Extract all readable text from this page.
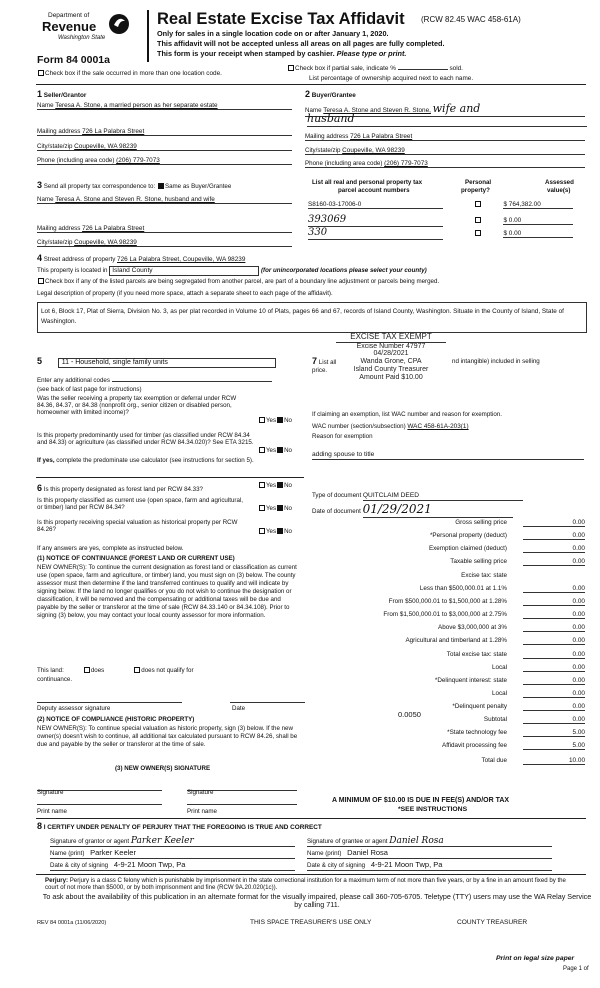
Department of
Revenue
Washington State
Form 84 0001a
Real Estate Excise Tax Affidavit (RCW 82.45 WAC 458-61A)
Only for sales in a single location code on or after January 1, 2020.
This affidavit will not be accepted unless all areas on all pages are fully completed.
This form is your receipt when stamped by cashier. Please type or print.
Check box if the sale occurred in more than one location code.
Check box if partial sale, indicate %	sold.
List percentage of ownership acquired next to each name.
1 Seller/Grantor
Name Teresa A. Stone, a married person as her separate estate
Mailing address 726 La Palabra Street
City/state/zip Coupeville, WA 98239
Phone (including area code) (206) 779-7073
2 Buyer/Grantee
Name Teresa A. Stone and Steven R. Stone, wife and
husband
Mailing address 726 La Palabra Street
City/state/zip Coupeville, WA 98239
Phone (including area code) (206) 779-7073
3 Send all property tax correspondence to: Same as Buyer/Grantee
Name Teresa A. Stone and Steven R. Stone, husband and wife
Mailing address 726 La Palabra Street
City/state/zip Coupeville, WA 98239
List all real and personal property tax
parcel account numbers
Personal
property?
Assessed
value(s)
S8160-03-17006-0	$ 764,382.00
393069	$ 0.00
330	$ 0.00
4 Street address of property 726 La Palabra Street, Coupeville, WA 98239
This property is located in Island County	(for unincorporated locations please select your county)
Check box if any of the listed parcels are being segregated from another parcel, are part of a boundary line adjustment or parcels being merged.
Legal description of property (if you need more space, attach a separate sheet to each page of the affidavit).
Lot 6, Block 17, Plat of Sierra, Division No. 3, as per plat recorded in Volume 10 of Plats, pages 66 and 67, records of Island County, Washington. Situate in the County of Island, State of Washington.
EXCISE TAX EXEMPT
Excise Number 47977
04/28/2021
Wanda Grone, CPA
Island County Treasurer
Amount Paid $10.00
5	11 - Household, single family units
Enter any additional codes
(see back of last page for instructions)
Was the seller receiving a property tax exemption or deferral under RCW 84.36, 84.37, or 84.38 (nonprofit org., senior citizen or disabled person, homeowner with limited income)?
Yes No
Is this property predominantly used for timber (as classified under RCW 84.34 and 84.33) or agriculture (as classified under RCW 84.34.020)? See ETA 3215.
Yes No
If yes, complete the predominate use calculator (see instructions for section 5).
7 List all
price.
nd intangible) included in selling
If claiming an exemption, list WAC number and reason for exemption.
WAC number (section/subsection) WAC 458-61A-203(1)
Reason for exemption
adding spouse to title
Type of document QUITCLAIM DEED
Date of document 01/29/2021
6 Is this property designated as forest land per RCW 84.33?
Yes No
Is this property classified as current use (open space, farm and agricultural, or timber) land per RCW 84.34?	Yes No
Is this property receiving special valuation as historical property per RCW 84.26?	Yes No
If any answers are yes, complete as instructed below.
(1) NOTICE OF CONTINUANCE (FOREST LAND OR CURRENT USE)
NEW OWNER(S): To continue the current designation as forest land or classification as current use (open space, farm and agriculture, or timber) land, you must sign on (3) below. The county assessor must then determine if the land transferred continues to qualify and will indicate by signing below. If the land no longer qualifies or you do not wish to continue the designation or classification, it will be removed and the compensating or additional taxes will be due and payable by the seller or transferor at the time of sale (RCW 84.33.140 or 84.34.108). Prior to signing (3) below, you may contact your local county assessor for more information.
This land:	does	does not qualify for
continuance.
Deputy assessor signature	Date
(2) NOTICE OF COMPLIANCE (HISTORIC PROPERTY)
NEW OWNER(S): To continue special valuation as historic property, sign (3) below. If the new owner(s) doesn't wish to continue, all additional tax calculated pursuant to RCW 84.26, shall be due and payable by the seller or transferor at the time of sale.
(3) NEW OWNER(S) SIGNATURE
Signature	Signature
Print name	Print name
Gross selling price	0.00
*Personal property (deduct)	0.00
Exemption claimed (deduct)	0.00
Taxable selling price	0.00
Excise tax: state
Less than $500,000.01 at 1.1%	0.00
From $500,000.01 to $1,500,000 at 1.28%	0.00
From $1,500,000.01 to $3,000,000 at 2.75%	0.00
Above $3,000,000 at 3%	0.00
Agricultural and timberland at 1.28%	0.00
Total excise tax: state	0.00
Local	0.00
*Delinquent interest: state	0.00
Local	0.00
*Delinquent penalty	0.00
Subtotal	0.00
*State technology fee	5.00
Affidavit processing fee	5.00
Total due	10.00
0.0050
A MINIMUM OF $10.00 IS DUE IN FEE(S) AND/OR TAX
*SEE INSTRUCTIONS
8 I CERTIFY UNDER PENALTY OF PERJURY THAT THE FOREGOING IS TRUE AND CORRECT
Signature of grantor or agent Parker Keeler
Name (print) Parker Keeler
Date & city of signing 4-9-21 Moon Twp, Pa
Signature of grantee or agent Daniel Rosa
Name (print) Daniel Rosa
Date & city of signing 4-9-21 Moon Twp, Pa
Perjury: Perjury is a class C felony which is punishable by imprisonment in the state correctional institution for a maximum term of not more than five years, or by a fine in an amount fixed by the court of not more than $5000, or by both imprisonment and fine (RCW 9A.20.020(1c)).
To ask about the availability of this publication in an alternate format for the visually impaired, please call 360-705-6705. Teletype (TTY) users may use the WA Relay Service by calling 711.
REV 84 0001a (11/06/2020)	THIS SPACE TREASURER'S USE ONLY	COUNTY TREASURER
Print on legal size paper
Page 1 of
